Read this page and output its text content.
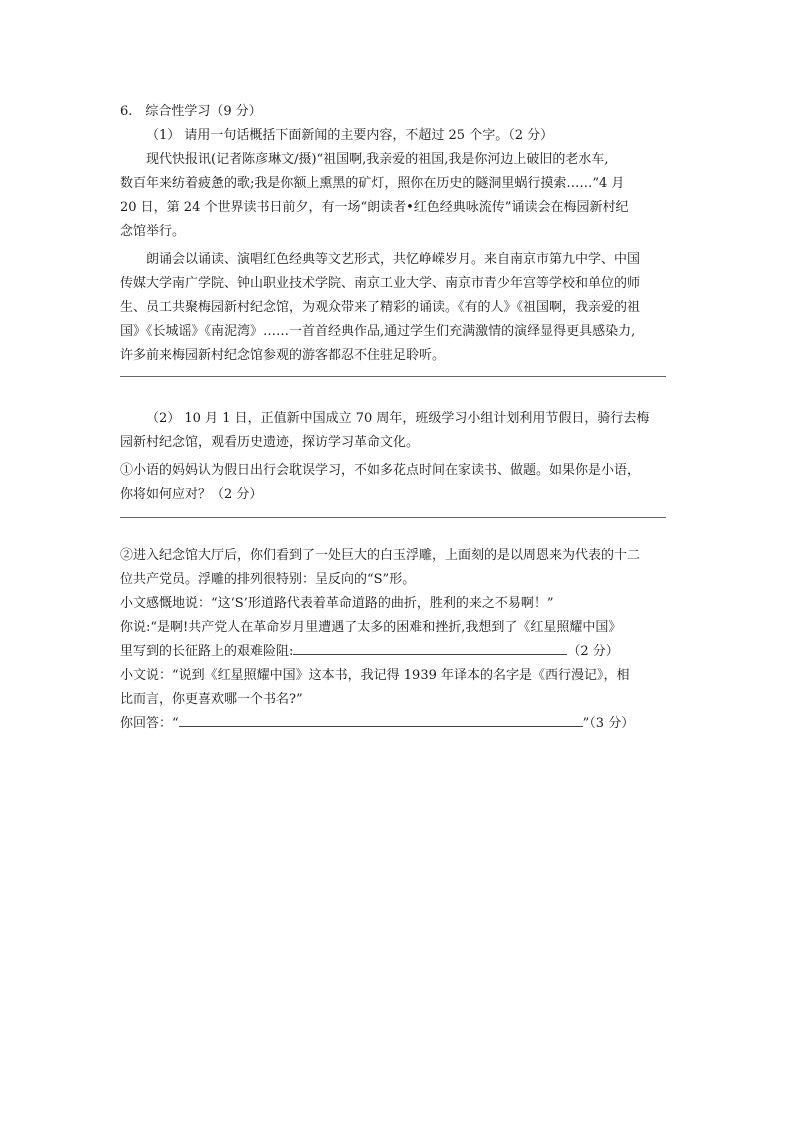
6.　综合性学习（9 分）
（1） 请用一句话概括下面新闻的主要内容，不超过 25 个字。（2 分）
现代快报讯(记者陈彦琳文/摄)“祖国啊,我亲爱的祖国,我是你河边上破旧的老水车,
数百年来纺着疲惫的歌;我是你额上熏黑的矿灯，照你在历史的隧洞里蜗行摸索……”4 月
20 日，第 24 个世界读书日前夕，有一场“朗读者•红色经典咏流传”诵读会在梅园新村纪
念馆举行。
朗诵会以诵读、演唱红色经典等文艺形式，共忆峥嵘岁月。来自南京市第九中学、中国
传媒大学南广学院、钟山职业技术学院、南京工业大学、南京市青少年宫等学校和单位的师
生、员工共聚梅园新村纪念馆，为观众带来了精彩的诵读。《有的人》《祖国啊，我亲爱的祖
国》《长城谣》《南泥湾》……一首首经典作品,通过学生们充满激情的演绎显得更具感染力,
许多前来梅园新村纪念馆参观的游客都忍不住驻足聆听。
（2） 10 月 1 日，正值新中国成立 70 周年，班级学习小组计划利用节假日，骑行去梅
园新村纪念馆，观看历史遗迹，探访学习革命文化。
①小语的妈妈认为假日出行会耽误学习，不如多花点时间在家读书、做题。如果你是小语，
你将如何应对？（2 分）
②进入纪念馆大厅后，你们看到了一处巨大的白玉浮雕，上面刻的是以周恩来为代表的十二
位共产党员。浮雕的排列很特别：呈反向的“S”形。
小文感慨地说：“这‘S’形道路代表着革命道路的曲折，胜利的来之不易啊！”
你说:“是啊!共产党人在革命岁月里遭遇了太多的困难和挫折,我想到了《红星照耀中国》
里写到的长征路上的艰难险阻:	（2 分）
小文说：“说到《红星照耀中国》这本书，我记得 1939 年译本的名字是《西行漫记》，相
比而言，你更喜欢哪一个书名?”
你回答：“	”（3 分）
